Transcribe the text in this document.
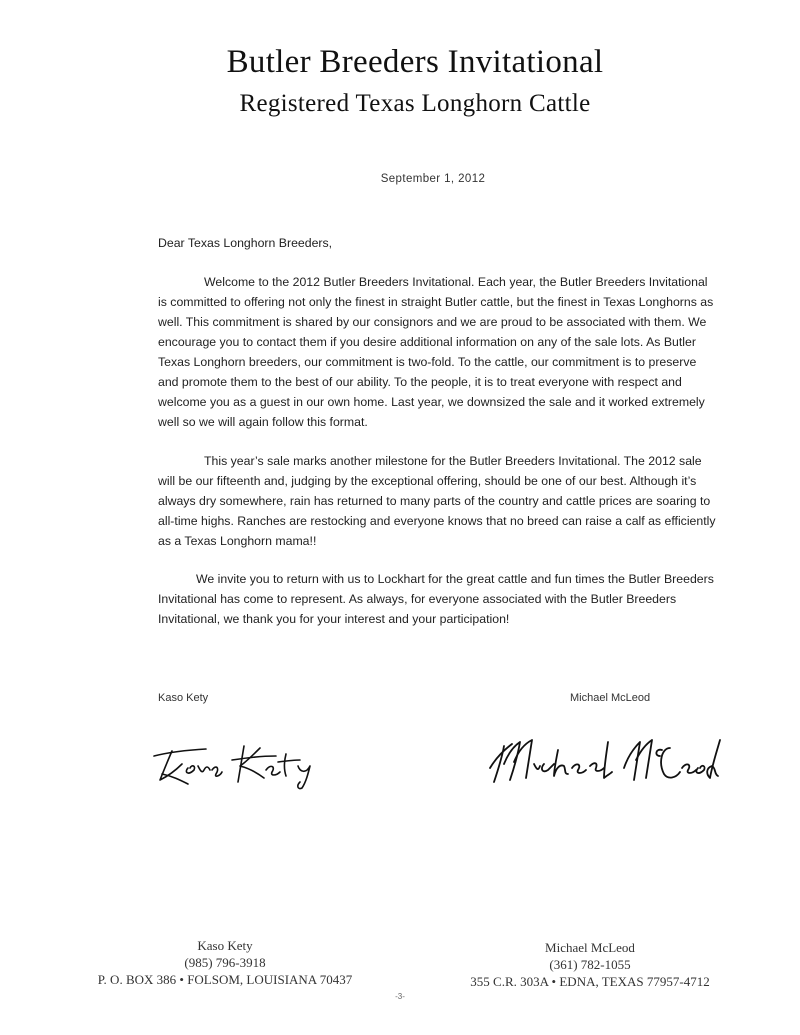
Butler Breeders Invitational
Registered Texas Longhorn Cattle
September 1, 2012
Dear Texas Longhorn Breeders,

Welcome to the 2012 Butler Breeders Invitational. Each year, the Butler Breeders Invitational is committed to offering not only the finest in straight Butler cattle, but the finest in Texas Longhorns as well. This commitment is shared by our consignors and we are proud to be associated with them. We encourage you to contact them if you desire additional information on any of the sale lots. As Butler Texas Longhorn breeders, our commitment is two-fold. To the cattle, our commitment is to preserve and promote them to the best of our ability. To the people, it is to treat everyone with respect and welcome you as a guest in our own home. Last year, we downsized the sale and it worked extremely well so we will again follow this format.

This year’s sale marks another milestone for the Butler Breeders Invitational. The 2012 sale will be our fifteenth and, judging by the exceptional offering, should be one of our best. Although it’s always dry somewhere, rain has returned to many parts of the country and cattle prices are soaring to all-time highs. Ranches are restocking and everyone knows that no breed can raise a calf as efficiently as a Texas Longhorn mama!!

We invite you to return with us to Lockhart for the great cattle and fun times the Butler Breeders Invitational has come to represent. As always, for everyone associated with the Butler Breeders Invitational, we thank you for your interest and your participation!

Kaso Kety	Michael McLeod
Kaso Kety
(985) 796-3918
P. O. BOX 386 • FOLSOM, LOUISIANA 70437
Michael McLeod
(361) 782-1055
355 C.R. 303A • EDNA, TEXAS 77957-4712
-3-
